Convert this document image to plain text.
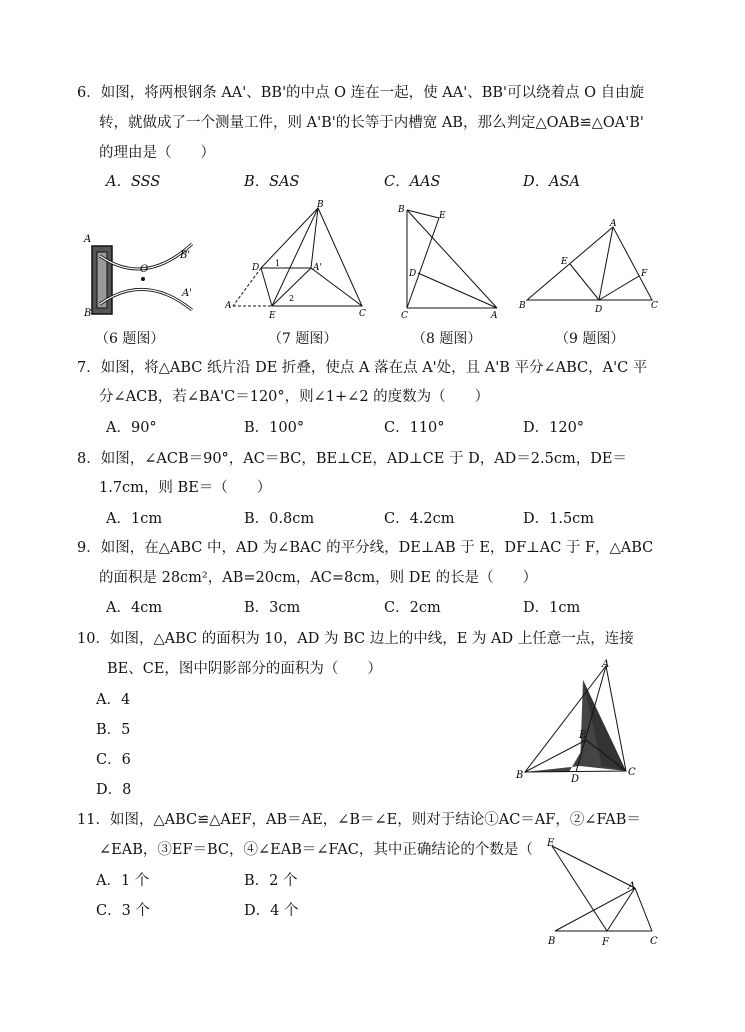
6．如图，将两根钢条 AA'、BB'的中点 O 连在一起，使 AA'、BB'可以绕着点 O 自由旋
转，就做成了一个测量工件，则 A'B'的长等于内槽宽 AB，那么判定△OAB≌△OA'B'
的理由是（　　）
A．SSS	B．SAS	C．AAS	D．ASA
A
B
O
B'
A'
B
D 1	A'
2
A
E	C
B
E
D
C	A
A
E
F
B	D	C
（6 题图）	（7 题图）	（8 题图）	（9 题图）
7．如图，将△ABC 纸片沿 DE 折叠，使点 A 落在点 A'处，且 A'B 平分∠ABC，A'C 平
分∠ACB，若∠BA'C＝120°，则∠1+∠2 的度数为（　　）
A．90°	B．100°	C．110°	D．120°
8．如图，∠ACB＝90°，AC＝BC，BE⊥CE，AD⊥CE 于 D，AD＝2.5cm，DE＝
1.7cm，则 BE＝（　　）
A．1cm	B．0.8cm	C．4.2cm	D．1.5cm
9．如图，在△ABC 中，AD 为∠BAC 的平分线，DE⊥AB 于 E，DF⊥AC 于 F，△ABC
的面积是 28cm²，AB=20cm，AC=8cm，则 DE 的长是（　　）
A．4cm	B．3cm	C．2cm	D．1cm
10．如图，△ABC 的面积为 10，AD 为 BC 边上的中线，E 为 AD 上任意一点，连接
BE、CE，图中阴影部分的面积为（　　）
A．4
B．5
C．6
D．8
A
E
B	D
C
11．如图，△ABC≌△AEF，AB＝AE，∠B＝∠E，则对于结论①AC＝AF，②∠FAB＝
∠EAB，③EF＝BC，④∠EAB＝∠FAC，其中正确结论的个数是（
A．1 个	B．2 个
C．3 个	D．4 个
E
A
B	F	C
